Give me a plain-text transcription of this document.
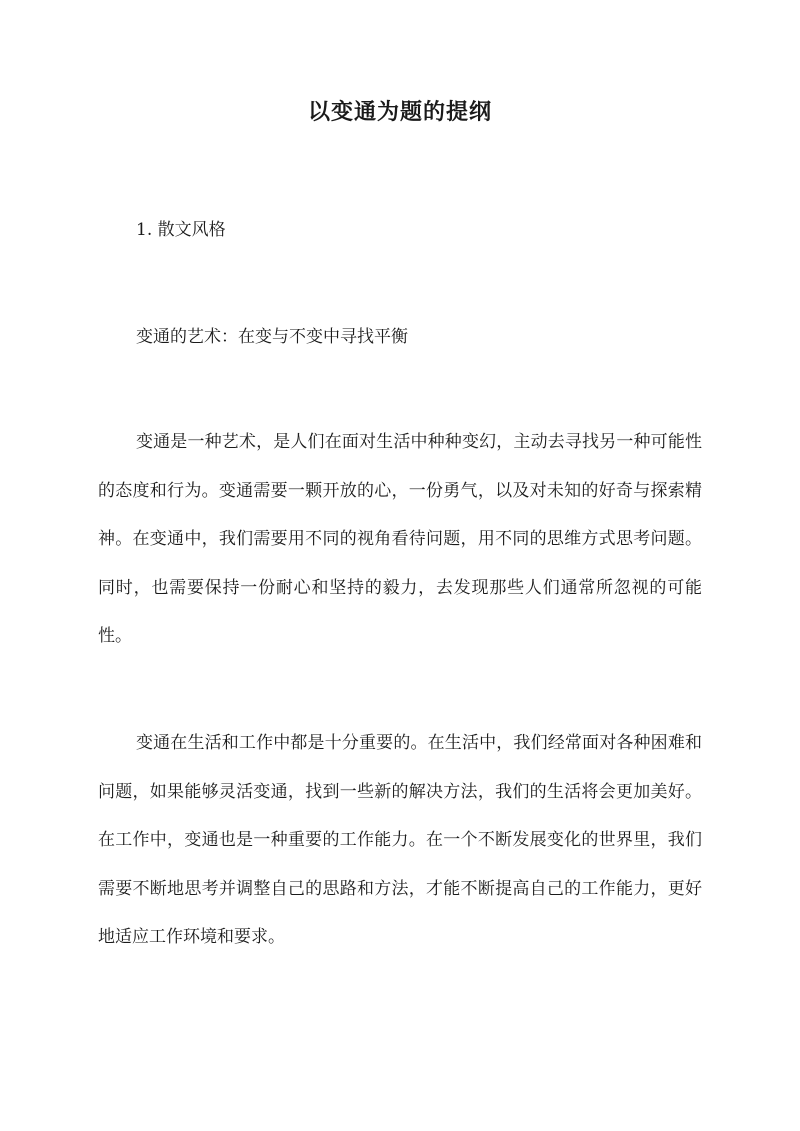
以变通为题的提纲

1. 散文风格

变通的艺术：在变与不变中寻找平衡

变通是一种艺术，是人们在面对生活中种种变幻，主动去寻找另一种可能性的态度和行为。变通需要一颗开放的心，一份勇气，以及对未知的好奇与探索精神。在变通中，我们需要用不同的视角看待问题，用不同的思维方式思考问题。同时，也需要保持一份耐心和坚持的毅力，去发现那些人们通常所忽视的可能性。

变通在生活和工作中都是十分重要的。在生活中，我们经常面对各种困难和问题，如果能够灵活变通，找到一些新的解决方法，我们的生活将会更加美好。在工作中，变通也是一种重要的工作能力。在一个不断发展变化的世界里，我们需要不断地思考并调整自己的思路和方法，才能不断提高自己的工作能力，更好地适应工作环境和要求。
